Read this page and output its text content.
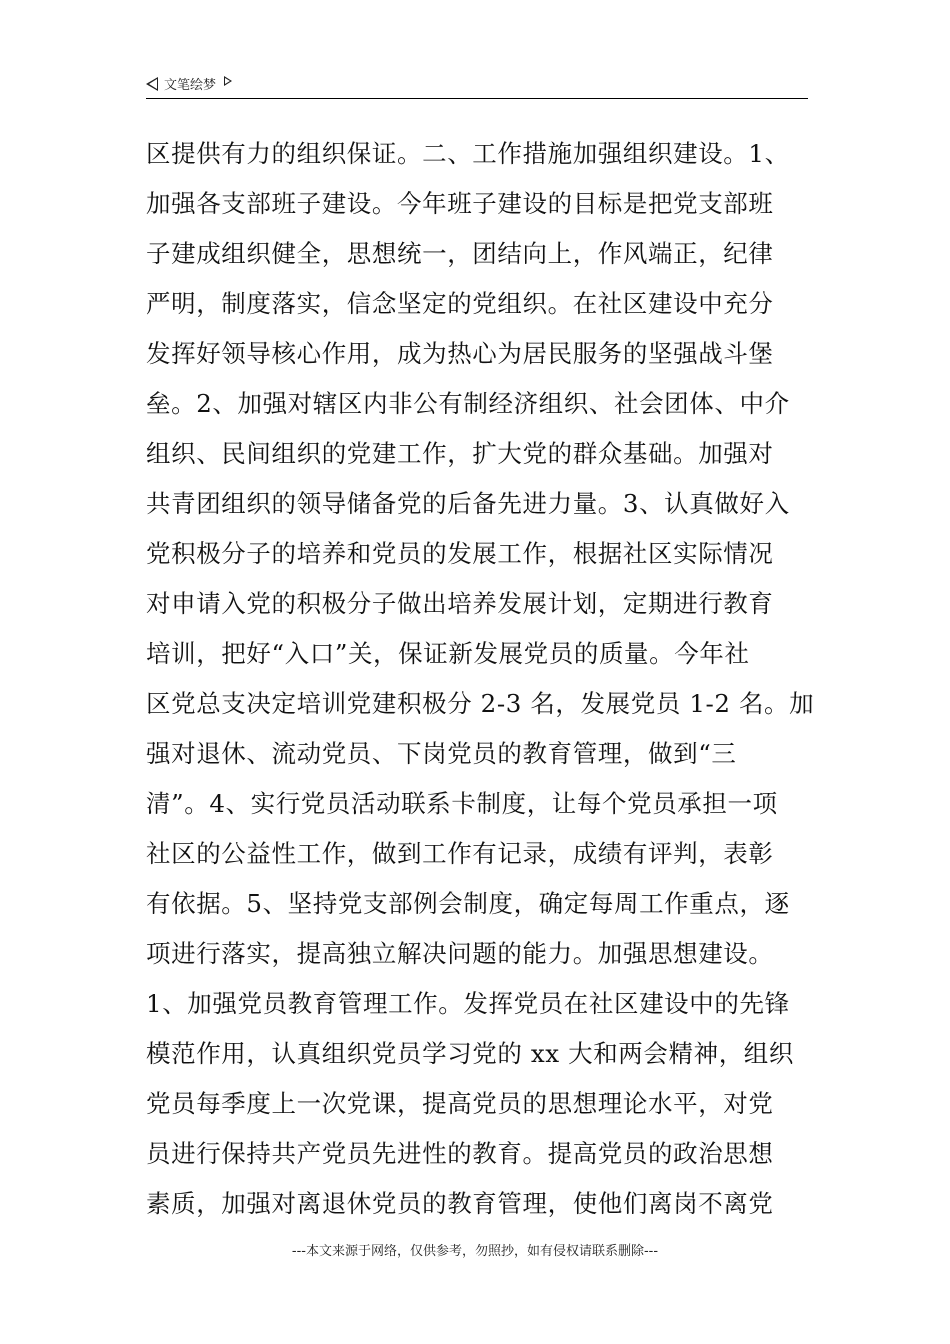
文笔绘梦
区提供有力的组织保证。二、工作措施加强组织建设。1、
加强各支部班子建设。今年班子建设的目标是把党支部班
子建成组织健全，思想统一，团结向上，作风端正，纪律
严明，制度落实，信念坚定的党组织。在社区建设中充分
发挥好领导核心作用，成为热心为居民服务的坚强战斗堡
垒。2、加强对辖区内非公有制经济组织、社会团体、中介
组织、民间组织的党建工作，扩大党的群众基础。加强对
共青团组织的领导储备党的后备先进力量。3、认真做好入
党积极分子的培养和党员的发展工作，根据社区实际情况
对申请入党的积极分子做出培养发展计划，定期进行教育
培训，把好“入口”关，保证新发展党员的质量。今年社
区党总支决定培训党建积极分 2-3 名，发展党员 1-2 名。加
强对退休、流动党员、下岗党员的教育管理，做到“三
清”。4、实行党员活动联系卡制度，让每个党员承担一项
社区的公益性工作，做到工作有记录，成绩有评判，表彰
有依据。5、坚持党支部例会制度，确定每周工作重点，逐
项进行落实，提高独立解决问题的能力。加强思想建设。
1、加强党员教育管理工作。发挥党员在社区建设中的先锋
模范作用，认真组织党员学习党的 xx 大和两会精神，组织
党员每季度上一次党课，提高党员的思想理论水平，对党
员进行保持共产党员先进性的教育。提高党员的政治思想
素质，加强对离退休党员的教育管理，使他们离岗不离党
---本文来源于网络，仅供参考，勿照抄，如有侵权请联系删除---
